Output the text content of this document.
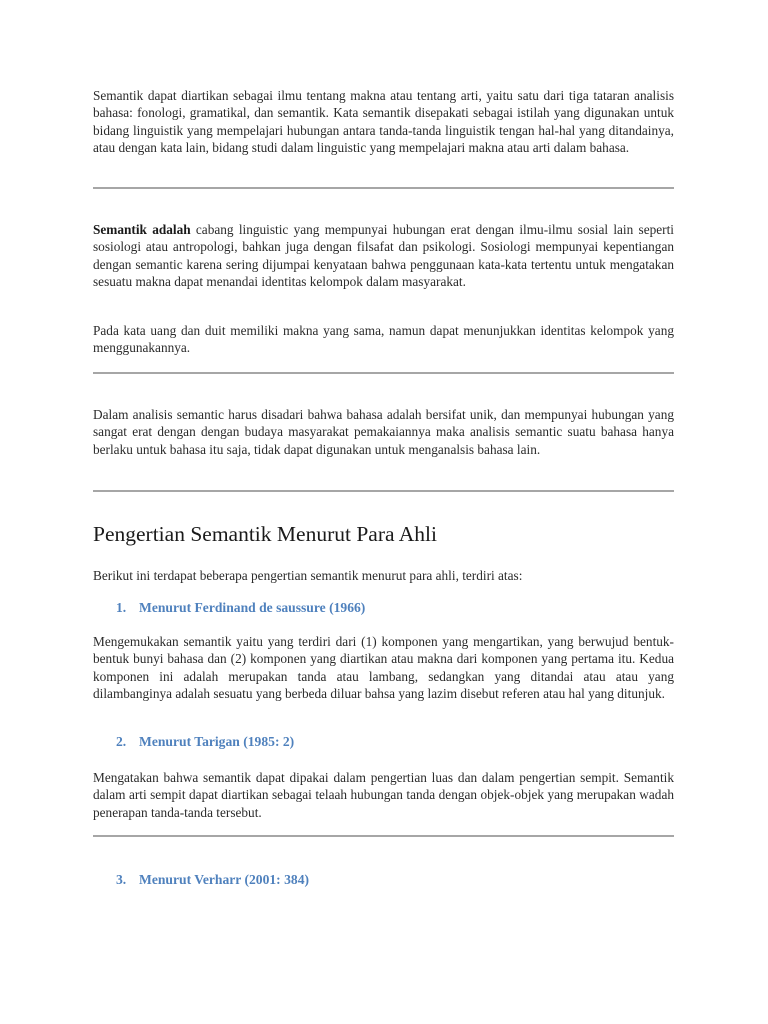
Semantik dapat diartikan sebagai ilmu tentang makna atau tentang arti, yaitu satu dari tiga tataran analisis bahasa: fonologi, gramatikal, dan semantik. Kata semantik disepakati sebagai istilah yang digunakan untuk bidang linguistik yang mempelajari hubungan antara tanda-tanda linguistik tengan hal-hal yang ditandainya, atau dengan kata lain, bidang studi dalam linguistic yang mempelajari makna atau arti dalam bahasa.

Semantik adalah cabang linguistic yang mempunyai hubungan erat dengan ilmu-ilmu sosial lain seperti sosiologi atau antropologi, bahkan juga dengan filsafat dan psikologi. Sosiologi mempunyai kepentiangan dengan semantic karena sering dijumpai kenyataan bahwa penggunaan kata-kata tertentu untuk mengatakan sesuatu makna dapat menandai identitas kelompok dalam masyarakat.

Pada kata uang dan duit memiliki makna yang sama, namun dapat menunjukkan identitas kelompok yang menggunakannya.

Dalam analisis semantic harus disadari bahwa bahasa adalah bersifat unik, dan mempunyai hubungan yang sangat erat dengan dengan budaya masyarakat pemakaiannya maka analisis semantic suatu bahasa hanya berlaku untuk bahasa itu saja, tidak dapat digunakan untuk menganalsis bahasa lain.

Pengertian Semantik Menurut Para Ahli

Berikut ini terdapat beberapa pengertian semantik menurut para ahli, terdiri atas:

1. Menurut Ferdinand de saussure (1966)

Mengemukakan semantik yaitu yang terdiri dari (1) komponen yang mengartikan, yang berwujud bentuk-bentuk bunyi bahasa dan (2) komponen yang diartikan atau makna dari komponen yang pertama itu. Kedua komponen ini adalah merupakan tanda atau lambang, sedangkan yang ditandai atau atau yang dilambanginya adalah sesuatu yang berbeda diluar bahsa yang lazim disebut referen atau hal yang ditunjuk.

2. Menurut Tarigan (1985: 2)

Mengatakan bahwa semantik dapat dipakai dalam pengertian luas dan dalam pengertian sempit. Semantik dalam arti sempit dapat diartikan sebagai telaah hubungan tanda dengan objek-objek yang merupakan wadah penerapan tanda-tanda tersebut.

3. Menurut Verharr (2001: 384)
